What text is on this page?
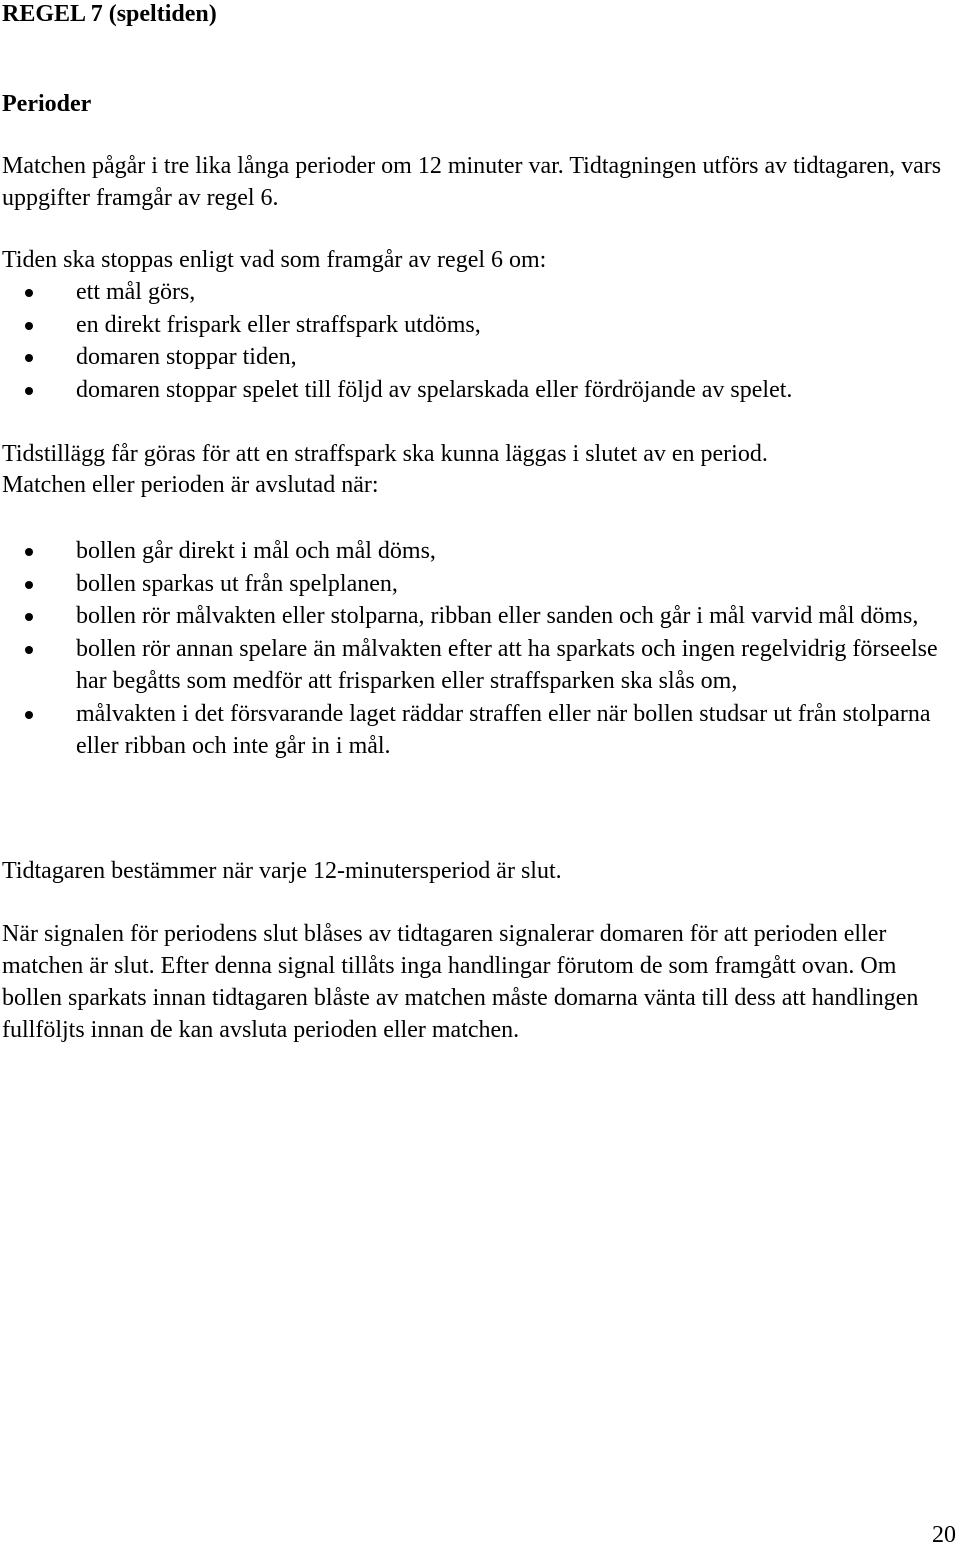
REGEL 7 (speltiden)
Perioder

Matchen pågår i tre lika långa perioder om 12 minuter var. Tidtagningen utförs av tidtagaren, vars uppgifter framgår av regel 6.

Tiden ska stoppas enligt vad som framgår av regel 6 om:

ett mål görs,
en direkt frispark eller straffspark utdöms,
domaren stoppar tiden,
domaren stoppar spelet till följd av spelarskada eller fördröjande av spelet.

Tidstillägg får göras för att en straffspark ska kunna läggas i slutet av en period.

Matchen eller perioden är avslutad när:

bollen går direkt i mål och mål döms,
bollen sparkas ut från spelplanen,
bollen rör målvakten eller stolparna, ribban eller sanden och går i mål varvid mål döms,
bollen rör annan spelare än målvakten efter att ha sparkats och ingen regelvidrig förseelse har begåtts som medför att frisparken eller straffsparken ska slås om,
målvakten i det försvarande laget räddar straffen eller när bollen studsar ut från stolparna eller ribban och inte går in i mål.

Tidtagaren bestämmer när varje 12-minutersperiod är slut.

När signalen för periodens slut blåses av tidtagaren signalerar domaren för att perioden eller matchen är slut. Efter denna signal tillåts inga handlingar förutom de som framgått ovan. Om bollen sparkats innan tidtagaren blåste av matchen måste domarna vänta till dess att handlingen fullföljts innan de kan avsluta perioden eller matchen.

20
